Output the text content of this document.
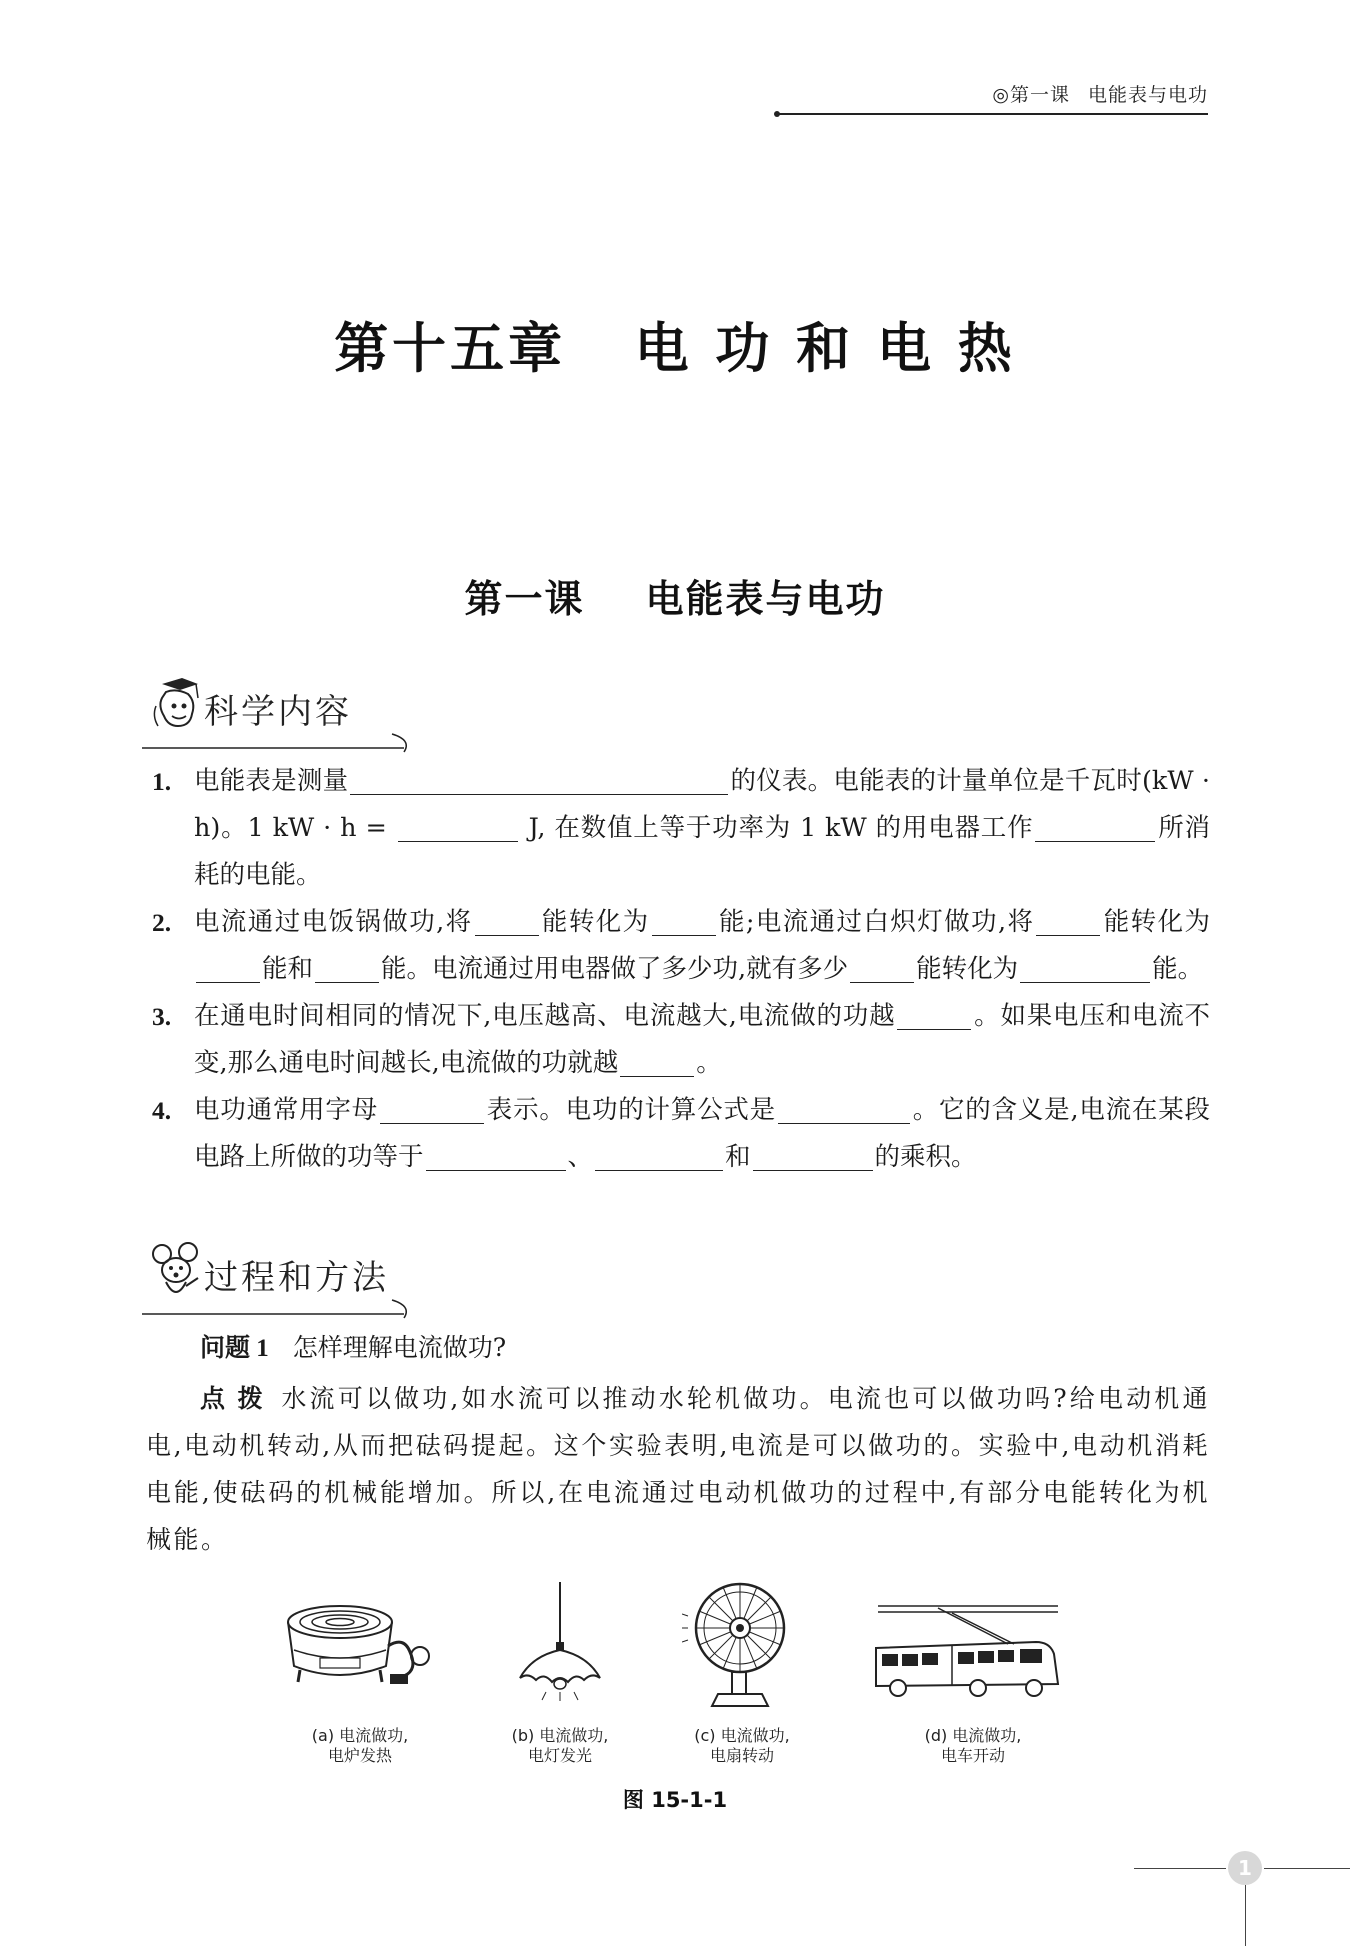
◎第一课 电能表与电功
第十五章   电 功 和 电 热
第一课    电能表与电功
科学内容
1. 电能表是测量	的仪表。电能表的计量单位是千瓦时(kW · h)。1 kW · h =	J, 在数值上等于功率为 1 kW 的用电器工作	所消耗的电能。
2. 电流通过电饭锅做功,将	能转化为	能;电流通过白炽灯做功,将	能转化为能和	能。电流通过用电器做了多少功,就有多少	能转化为	能。
3. 在通电时间相同的情况下,电压越高、电流越大,电流做的功越	。如果电压和电流不变,那么通电时间越长,电流做的功就越	。
4. 电功通常用字母	表示。电功的计算公式是	。它的含义是,电流在某段电路上所做的功等于	、	和	的乘积。
过程和方法
问题 1 怎样理解电流做功?
点拨 水流可以做功,如水流可以推动水轮机做功。电流也可以做功吗?给电动机通电,电动机转动,从而把砝码提起。这个实验表明,电流是可以做功的。实验中,电动机消耗电能,使砝码的机械能增加。所以,在电流通过电动机做功的过程中,有部分电能转化为机械能。
(a) 电流做功,
电炉发热
(b) 电流做功,
电灯发光
(c) 电流做功,
电扇转动
(d) 电流做功,
电车开动
图 15-1-1
1
